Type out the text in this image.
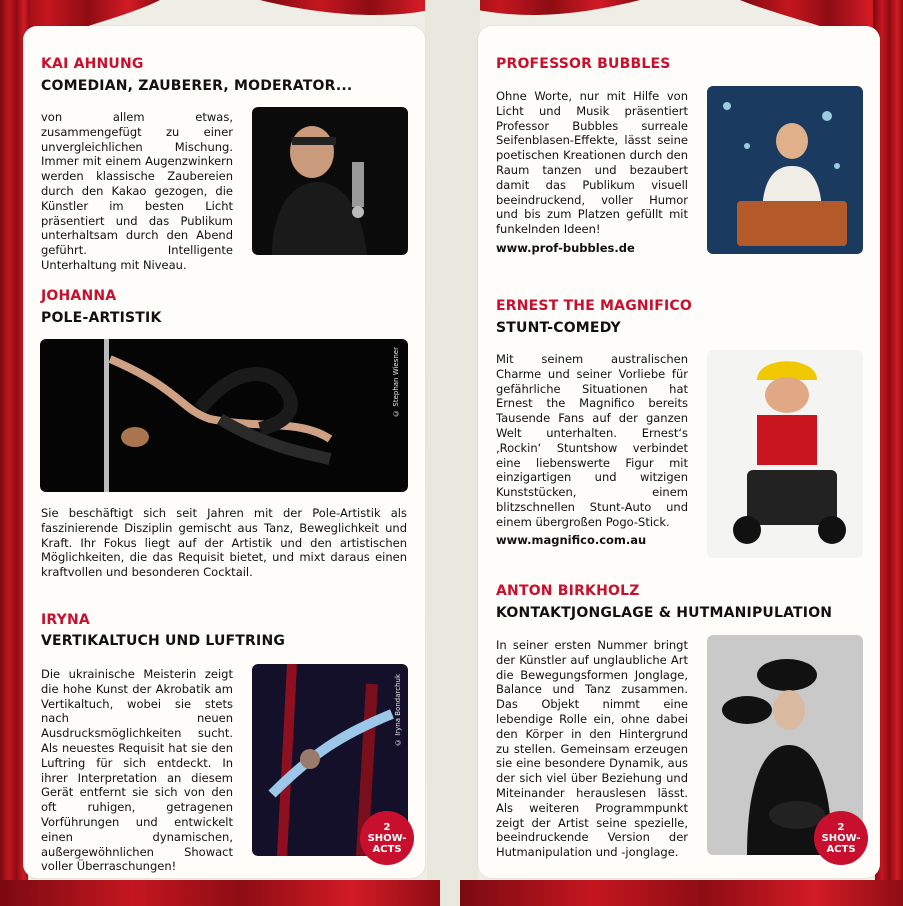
KAI AHNUNG
COMEDIAN, ZAUBERER, MODERATOR...
von allem etwas, zusammengefügt zu einer unvergleichlichen Mischung. Immer mit einem Augenzwinkern werden klassische Zaubereien durch den Kakao gezogen, die Künstler im besten Licht präsentiert und das Publikum unterhaltsam durch den Abend geführt. Intelligente Unterhaltung mit Niveau.
JOHANNA
POLE-ARTISTIK
© Stephan Wiesner
Sie beschäftigt sich seit Jahren mit der Pole-Artistik als faszinierende Disziplin gemischt aus Tanz, Beweglichkeit und Kraft. Ihr Fokus liegt auf der Artistik und den artistischen Möglichkeiten, die das Requisit bietet, und mixt daraus einen kraftvollen und besonderen Cocktail.
IRYNA
VERTIKALTUCH UND LUFTRING
Die ukrainische Meisterin zeigt die hohe Kunst der Akrobatik am Vertikaltuch, wobei sie stets nach neuen Ausdrucksmöglichkeiten sucht. Als neuestes Requisit hat sie den Luftring für sich entdeckt. In ihrer Interpretation an diesem Gerät entfernt sie sich von den oft ruhigen, getragenen Vorführungen und entwickelt einen dynamischen, außergewöhnlichen Showact voller Überraschungen!
© Iryna Bondarchuk
2
SHOW-
ACTS
PROFESSOR BUBBLES
Ohne Worte, nur mit Hilfe von Licht und Musik präsentiert Professor Bubbles surreale Seifenblasen-Effekte, lässt seine poetischen Kreationen durch den Raum tanzen und bezaubert damit das Publikum visuell beeindruckend, voller Humor und bis zum Platzen gefüllt mit funkelnden Ideen!
www.prof-bubbles.de
ERNEST THE MAGNIFICO
STUNT-COMEDY
Mit seinem australischen Charme und seiner Vorliebe für gefährliche Situationen hat Ernest the Magnifico bereits Tausende Fans auf der ganzen Welt unterhalten. Ernest‘s ‚Rockin‘ Stuntshow verbindet eine liebenswerte Figur mit einzigartigen und witzigen Kunststücken, einem blitzschnellen Stunt-Auto und einem übergroßen Pogo-Stick.
www.magnifico.com.au
ANTON BIRKHOLZ
KONTAKTJONGLAGE & HUTMANIPULATION
In seiner ersten Nummer bringt der Künstler auf unglaubliche Art die Bewegungsformen Jonglage, Balance und Tanz zusammen. Das Objekt nimmt eine lebendige Rolle ein, ohne dabei den Körper in den Hintergrund zu stellen. Gemeinsam erzeugen sie eine besondere Dynamik, aus der sich viel über Beziehung und Miteinander herauslesen lässt. Als weiteren Programmpunkt zeigt der Artist seine spezielle, beeindruckende Version der Hutmanipulation und -jonglage.
2
SHOW-
ACTS
